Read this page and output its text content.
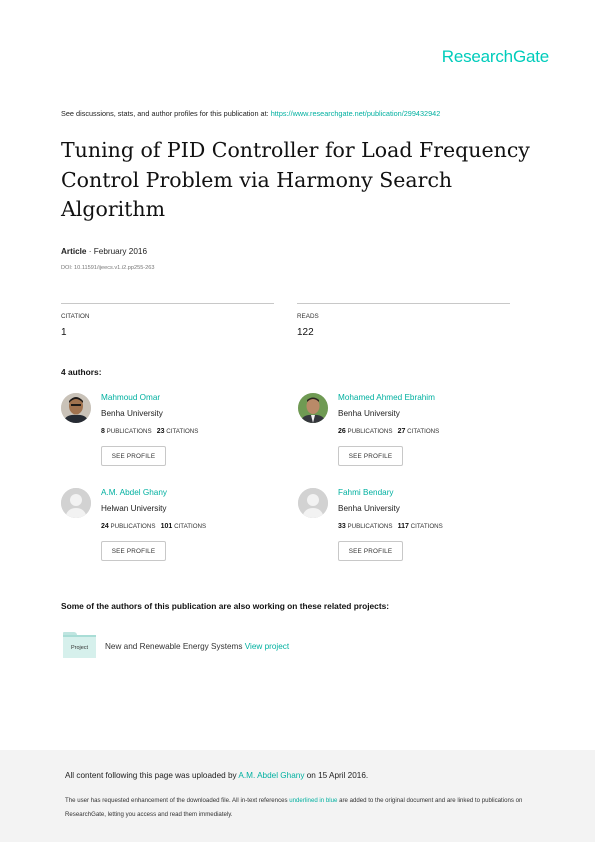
ResearchGate
See discussions, stats, and author profiles for this publication at: https://www.researchgate.net/publication/299432942
Tuning of PID Controller for Load Frequency Control Problem via Harmony Search Algorithm
Article · February 2016
DOI: 10.11591/ijeecs.v1.i2.pp255-263
CITATION
1
READS
122
4 authors:
Mahmoud Omar
Benha University
8 PUBLICATIONS 23 CITATIONS
SEE PROFILE
Mohamed Ahmed Ebrahim
Benha University
26 PUBLICATIONS 27 CITATIONS
SEE PROFILE
A.M. Abdel Ghany
Helwan University
24 PUBLICATIONS 101 CITATIONS
SEE PROFILE
Fahmi Bendary
Benha University
33 PUBLICATIONS 117 CITATIONS
SEE PROFILE
Some of the authors of this publication are also working on these related projects:
Project	New and Renewable Energy Systems View project
All content following this page was uploaded by A.M. Abdel Ghany on 15 April 2016.
The user has requested enhancement of the downloaded file. All in-text references underlined in blue are added to the original document and are linked to publications on ResearchGate, letting you access and read them immediately.
